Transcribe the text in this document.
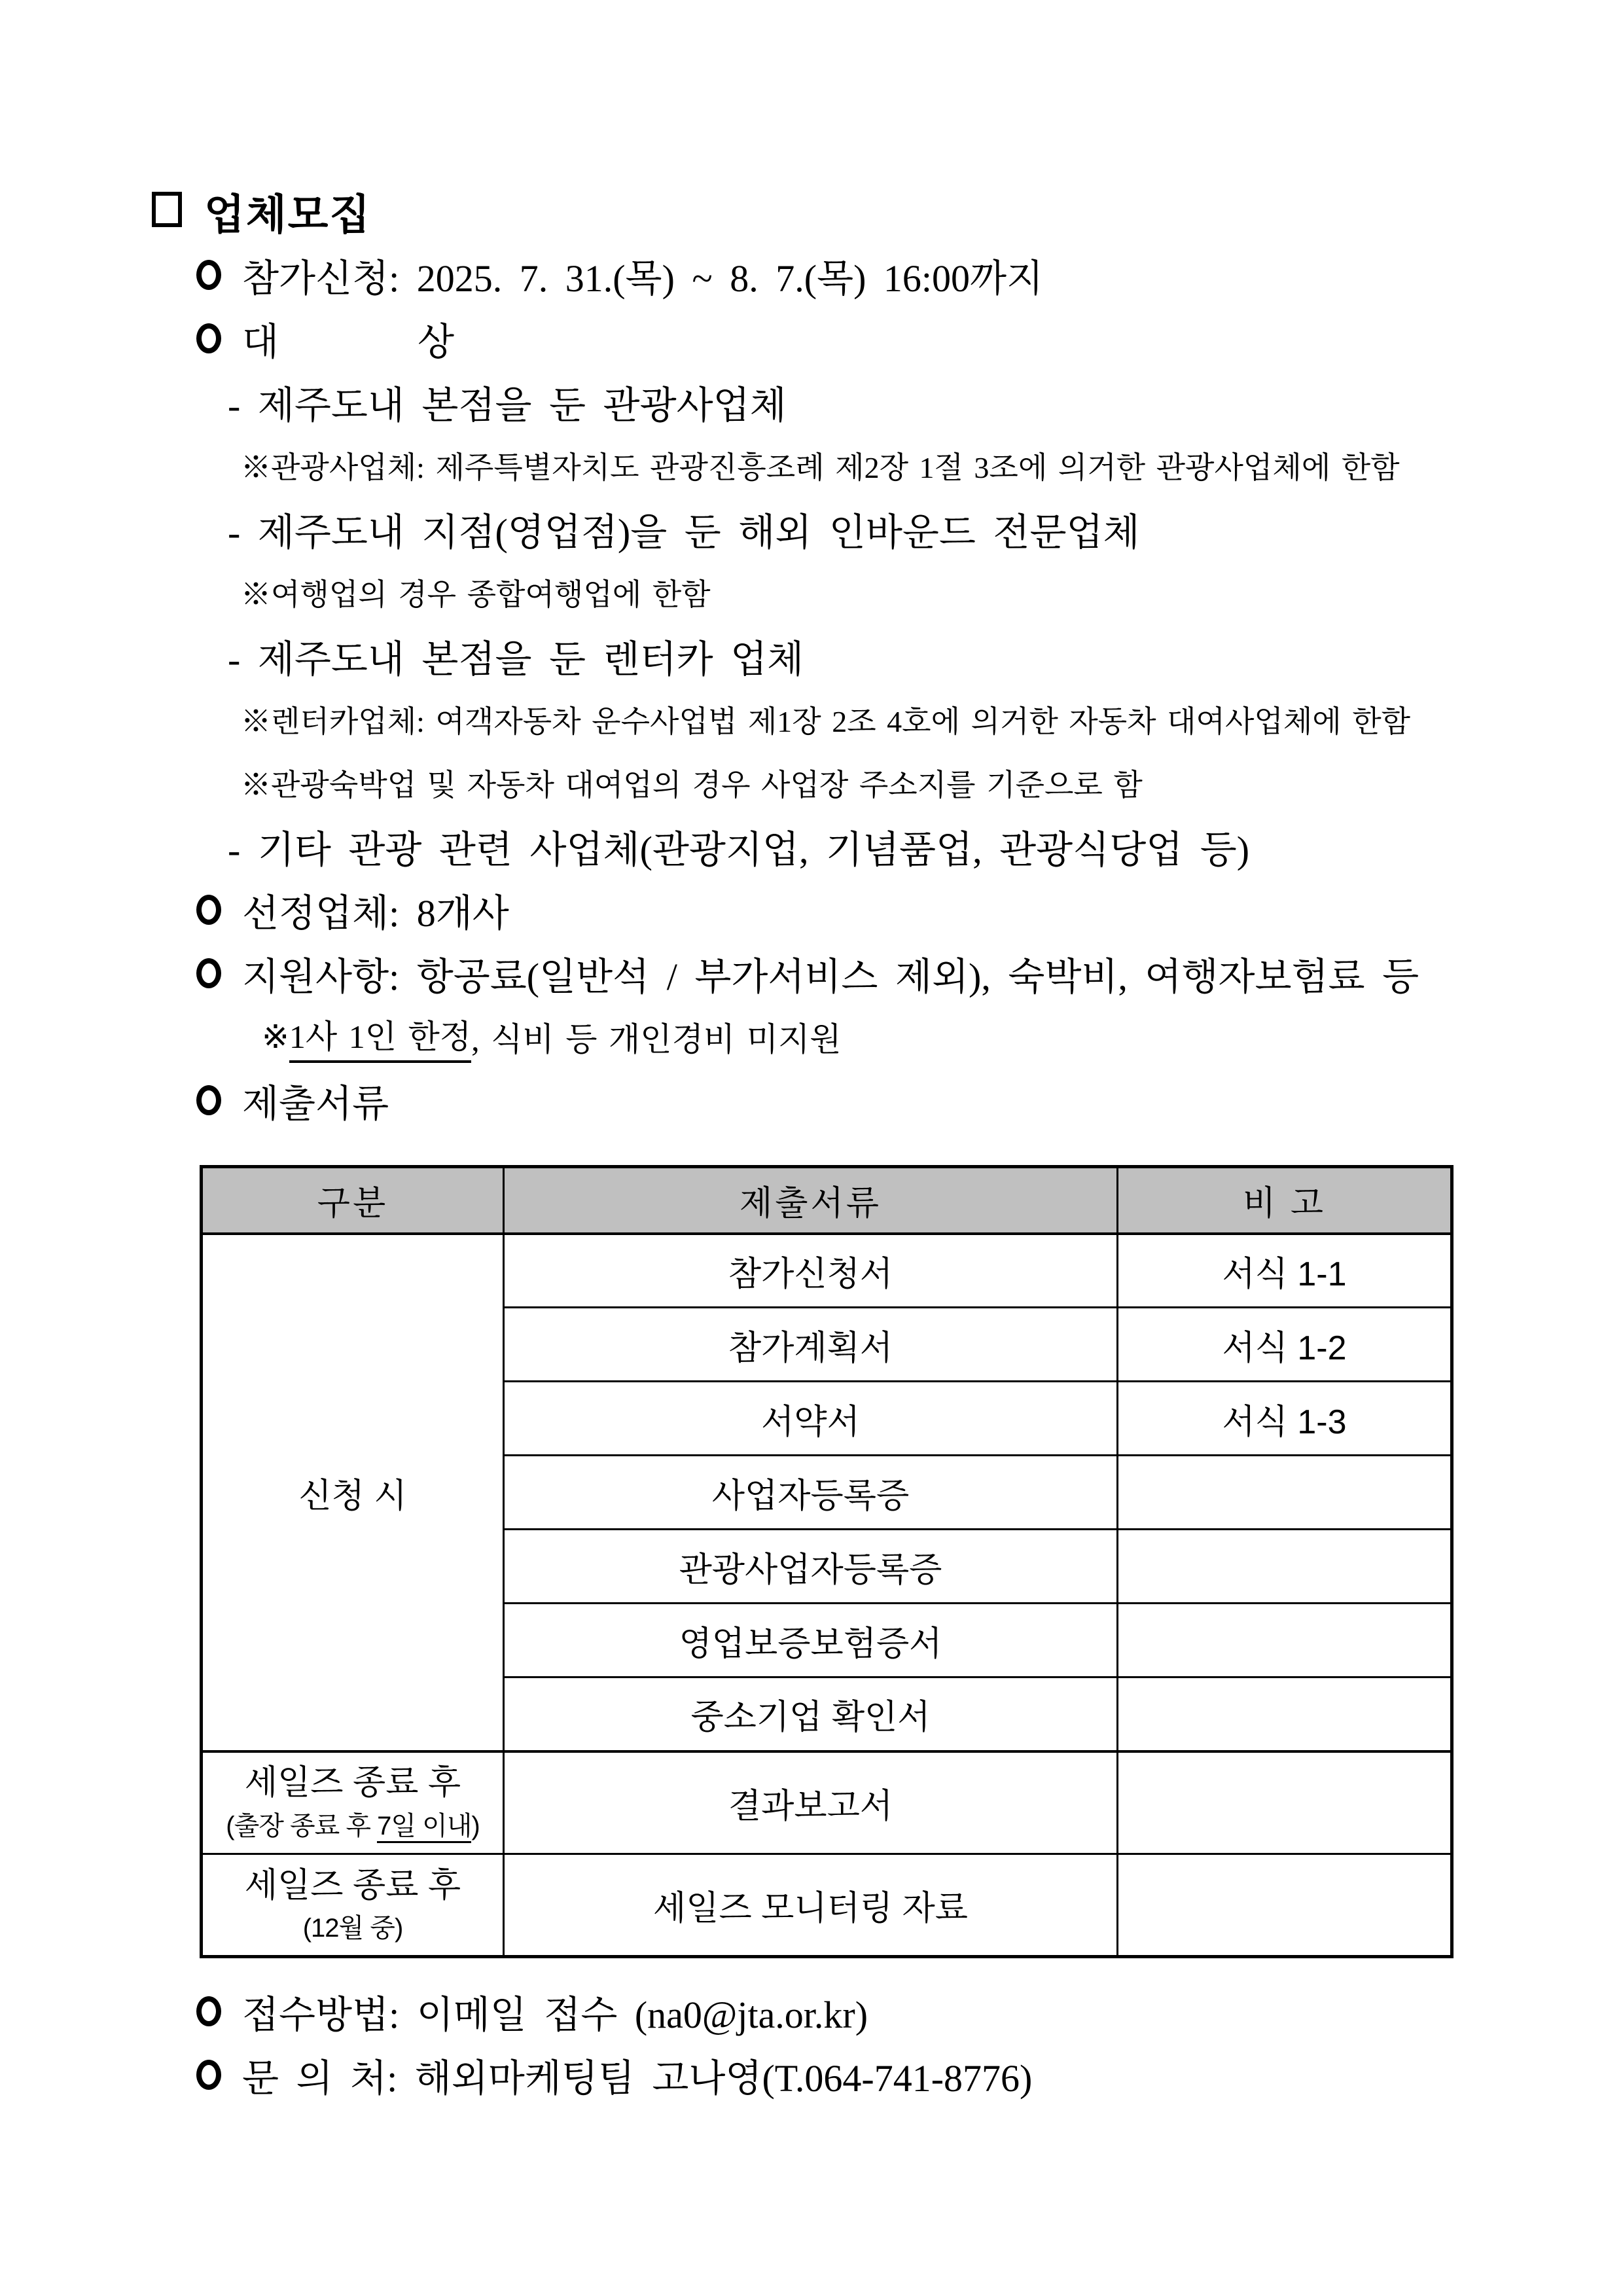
업체모집
참가신청: 2025. 7. 31.(목) ~ 8. 7.(목) 16:00까지
대        상
- 제주도내 본점을 둔 관광사업체
※관광사업체: 제주특별자치도 관광진흥조례 제2장 1절 3조에 의거한 관광사업체에 한함
- 제주도내 지점(영업점)을 둔 해외 인바운드 전문업체
※여행업의 경우 종합여행업에 한함
- 제주도내 본점을 둔 렌터카 업체
※렌터카업체: 여객자동차 운수사업법 제1장 2조 4호에 의거한 자동차 대여사업체에 한함
※관광숙박업 및 자동차 대여업의 경우 사업장 주소지를 기준으로 함
- 기타 관광 관련 사업체(관광지업, 기념품업, 관광식당업 등)
선정업체: 8개사
지원사항: 항공료(일반석 / 부가서비스 제외), 숙박비, 여행자보험료 등
※ 1사 1인 한정 , 식비 등 개인경비 미지원
제출서류
구분	제출서류	비 고
신청 시	참가신청서	서식 1-1
	참가계획서	서식 1-2
	서약서	서식 1-3
	사업자등록증	
	관광사업자등록증	
	영업보증보험증서	
	중소기업 확인서	

세일즈 종료 후
(출장 종료 후 7일 이내)	결과보고서	

세일즈 종료 후
(12월 중)	세일즈 모니터링 자료	
접수방법: 이메일 접수 (na0@jta.or.kr)
문 의 처: 해외마케팅팀 고나영(T.064-741-8776)
